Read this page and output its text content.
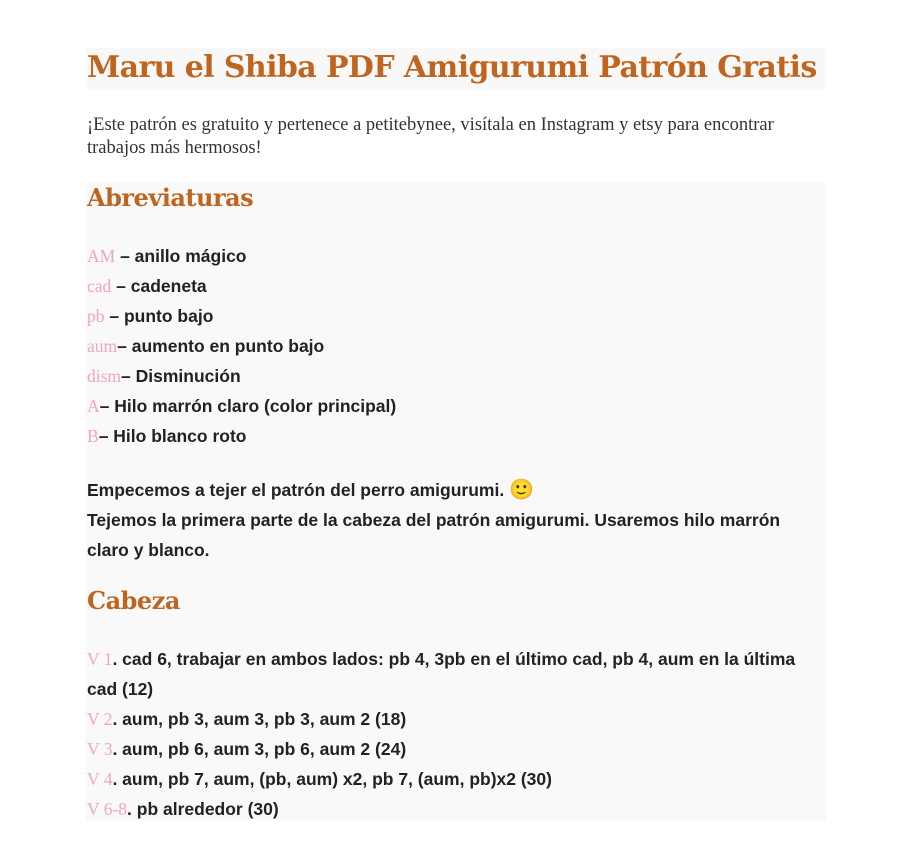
Maru el Shiba PDF Amigurumi Patrón Gratis

¡Este patrón es gratuito y pertenece a petitebynee, visítala en Instagram y etsy para encontrar trabajos más hermosos!

Abreviaturas
AM – anillo mágico
cad – cadeneta
pb – punto bajo
aum– aumento en punto bajo
dism– Disminución
A– Hilo marrón claro (color principal)
B– Hilo blanco roto

Empecemos a tejer el patrón del perro amigurumi. 🙂
Tejemos la primera parte de la cabeza del patrón amigurumi. Usaremos hilo marrón claro y blanco.

Cabeza
V 1. cad 6, trabajar en ambos lados: pb 4, 3pb en el último cad, pb 4, aum en la última cad (12)
V 2. aum, pb 3, aum 3, pb 3, aum 2 (18)
V 3. aum, pb 6, aum 3, pb 6, aum 2 (24)
V 4. aum, pb 7, aum, (pb, aum) x2, pb 7, (aum, pb)x2 (30)
V 6-8. pb alrededor (30)
